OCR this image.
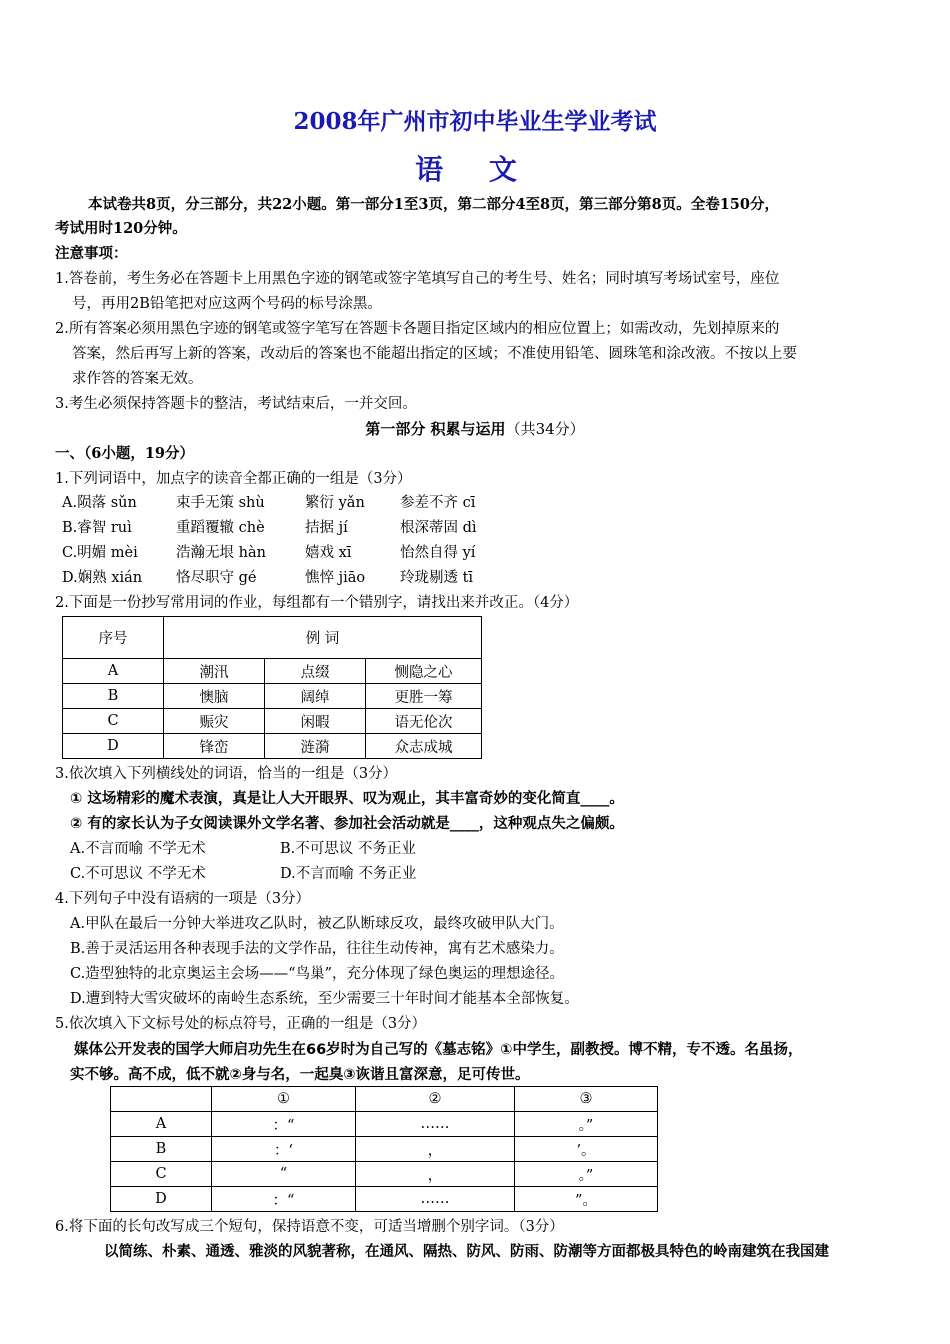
2008年广州市初中毕业生学业考试
语 文
本试卷共8页，分三部分，共22小题。第一部分1至3页，第二部分4至8页，第三部分第8页。全卷150分，
考试用时120分钟。
注意事项：
1.答卷前，考生务必在答题卡上用黑色字迹的钢笔或签字笔填写自己的考生号、姓名；同时填写考场试室号，座位
号，再用2B铅笔把对应这两个号码的标号涂黑。
2.所有答案必须用黑色字迹的钢笔或签字笔写在答题卡各题目指定区域内的相应位置上；如需改动，先划掉原来的
答案，然后再写上新的答案，改动后的答案也不能超出指定的区域；不准使用铅笔、圆珠笔和涂改液。不按以上要
求作答的答案无效。
3.考生必须保持答题卡的整洁，考试结束后，一并交回。
第一部分 积累与运用（共34分）
一、（6小题，19分）
1.下列词语中，加点字的读音全都正确的一组是（3分）
A.陨落 sǔn	束手无策 shù	繁衍 yǎn 参差不齐 cī
B.睿智 ruì	重蹈覆辙 chè	拮据 jí	根深蒂固 dì
C.明媚 mèi	浩瀚无垠 hàn	嬉戏 xī	怡然自得 yí
D.娴熟 xián 恪尽职守 gé	憔悴 jiāo 玲珑剔透 tī
2.下面是一份抄写常用词的作业，每组都有一个错别字，请找出来并改正。（4分）
序号	例 词		
A	潮汛	点缀	恻隐之心
B	懊脑	阔绰	更胜一筹
C	赈灾	闲暇	语无伦次
D	锋峦	涟漪	众志成城
3.依次填入下列横线处的词语，恰当的一组是（3分）
① 这场精彩的魔术表演，真是让人大开眼界、叹为观止，其丰富奇妙的变化简直____。
② 有的家长认为子女阅读课外文学名著、参加社会活动就是____，这种观点失之偏颇。
A.不言而喻 不学无术	B.不可思议 不务正业
C.不可思议 不学无术	D.不言而喻 不务正业
4.下列句子中没有语病的一项是（3分）
A.甲队在最后一分钟大举进攻乙队时，被乙队断球反攻，最终攻破甲队大门。
B.善于灵活运用各种表现手法的文学作品，往往生动传神，寓有艺术感染力。
C.造型独特的北京奥运主会场——“鸟巢”，充分体现了绿色奥运的理想途径。
D.遭到特大雪灾破坏的南岭生态系统，至少需要三十年时间才能基本全部恢复。
5.依次填入下文标号处的标点符号，正确的一组是（3分）
媒体公开发表的国学大师启功先生在66岁时为自己写的《墓志铭》①中学生，副教授。博不精，专不透。名虽扬，
实不够。高不成，低不就②身与名，一起臭③诙谐且富深意，足可传世。
	①	②	③
A	：“	……	。”
B	：‘	，	’。
C	“	，	。”
D	：“	……	”。
6.将下面的长句改写成三个短句，保持语意不变，可适当增删个别字词。（3分）
以简练、朴素、通透、雅淡的风貌著称，在通风、隔热、防风、防雨、防潮等方面都极具特色的岭南建筑在我国建
